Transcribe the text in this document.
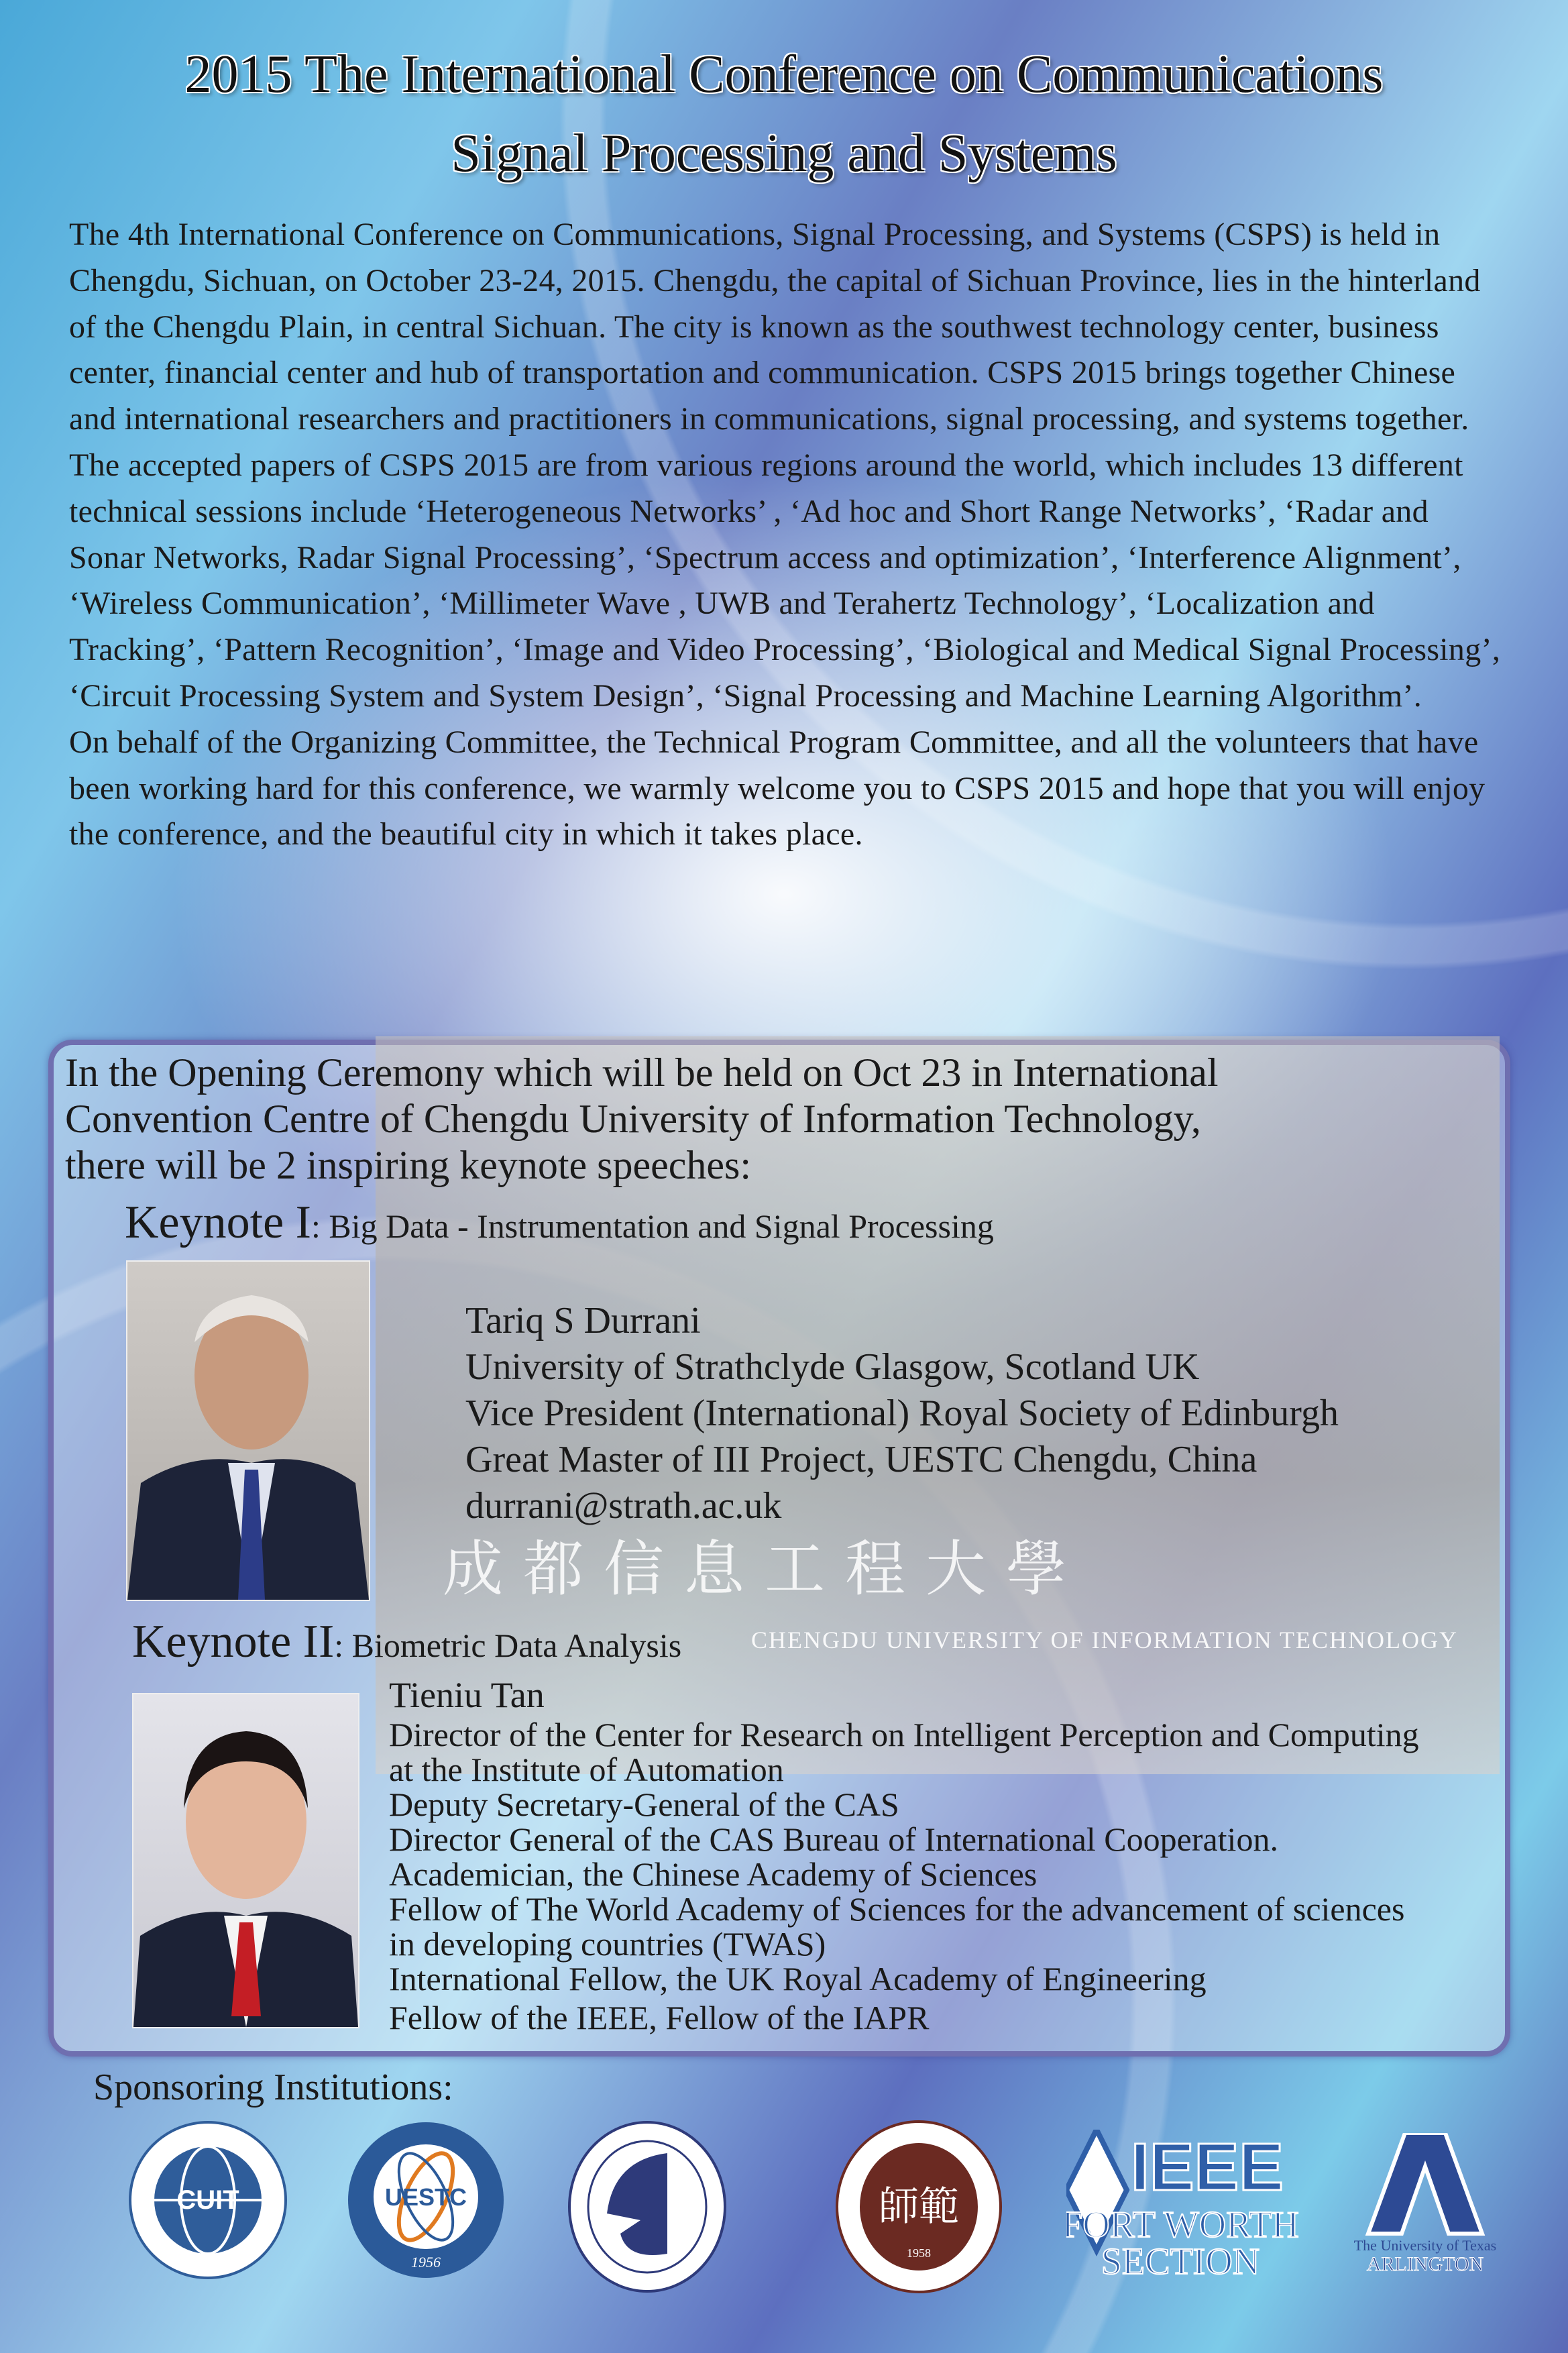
2015 The International Conference on Communications
Signal Processing and Systems

The 4th International Conference on Communications, Signal Processing, and Systems (CSPS) is held in Chengdu, Sichuan, on October 23-24, 2015. Chengdu, the capital of Sichuan Province, lies in the hinterland of the Chengdu Plain, in central Sichuan. The city is known as the southwest technology center, business center, financial center and hub of transportation and communication. CSPS 2015 brings together Chinese and international researchers and practitioners in communications, signal processing, and systems together.

The accepted papers of CSPS 2015 are from various regions around the world, which includes 13 different technical sessions include ‘Heterogeneous Networks’ , ‘Ad hoc and Short Range Networks’, ‘Radar and Sonar Networks, Radar Signal Processing’, ‘Spectrum access and optimization’, ‘Interference Alignment’, ‘Wireless Communication’, ‘Millimeter Wave , UWB and Terahertz Technology’, ‘Localization and Tracking’, ‘Pattern Recognition’, ‘Image and Video Processing’, ‘Biological and Medical Signal Processing’, ‘Circuit Processing System and System Design’, ‘Signal Processing and Machine Learning Algorithm’.

On behalf of the Organizing Committee, the Technical Program Committee, and all the volunteers that have been working hard for this conference, we warmly welcome you to CSPS 2015 and hope that you will enjoy the conference, and the beautiful city in which it takes place.

成都信息工程大學
CHENGDU UNIVERSITY OF INFORMATION TECHNOLOGY
In the Opening Ceremony which will be held on Oct 23 in International
Convention Centre of Chengdu University of Information Technology,
there will be 2 inspiring keynote speeches:
Keynote I: Big Data - Instrumentation and Signal Processing
Tariq S Durrani
University of Strathclyde Glasgow, Scotland UK
Vice President (International) Royal Society of Edinburgh
Great Master of III Project, UESTC Chengdu, China
durrani@strath.ac.uk
Keynote II: Biometric Data Analysis
Tieniu Tan
Director of the Center for Research on Intelligent Perception and Computing
at the Institute of Automation
Deputy Secretary-General of the CAS
Director General of the CAS Bureau of International Cooperation.
Academician, the Chinese Academy of Sciences
Fellow of The World Academy of Sciences for the advancement of sciences
in developing countries (TWAS)
International Fellow, the UK Royal Academy of Engineering
Fellow of the IEEE, Fellow of the IAPR
Sponsoring Institutions:
CUIT	UESTC
1956
師範
1958
IEEE
FORT WORTH
SECTION	The University of Texas
ARLINGTON
